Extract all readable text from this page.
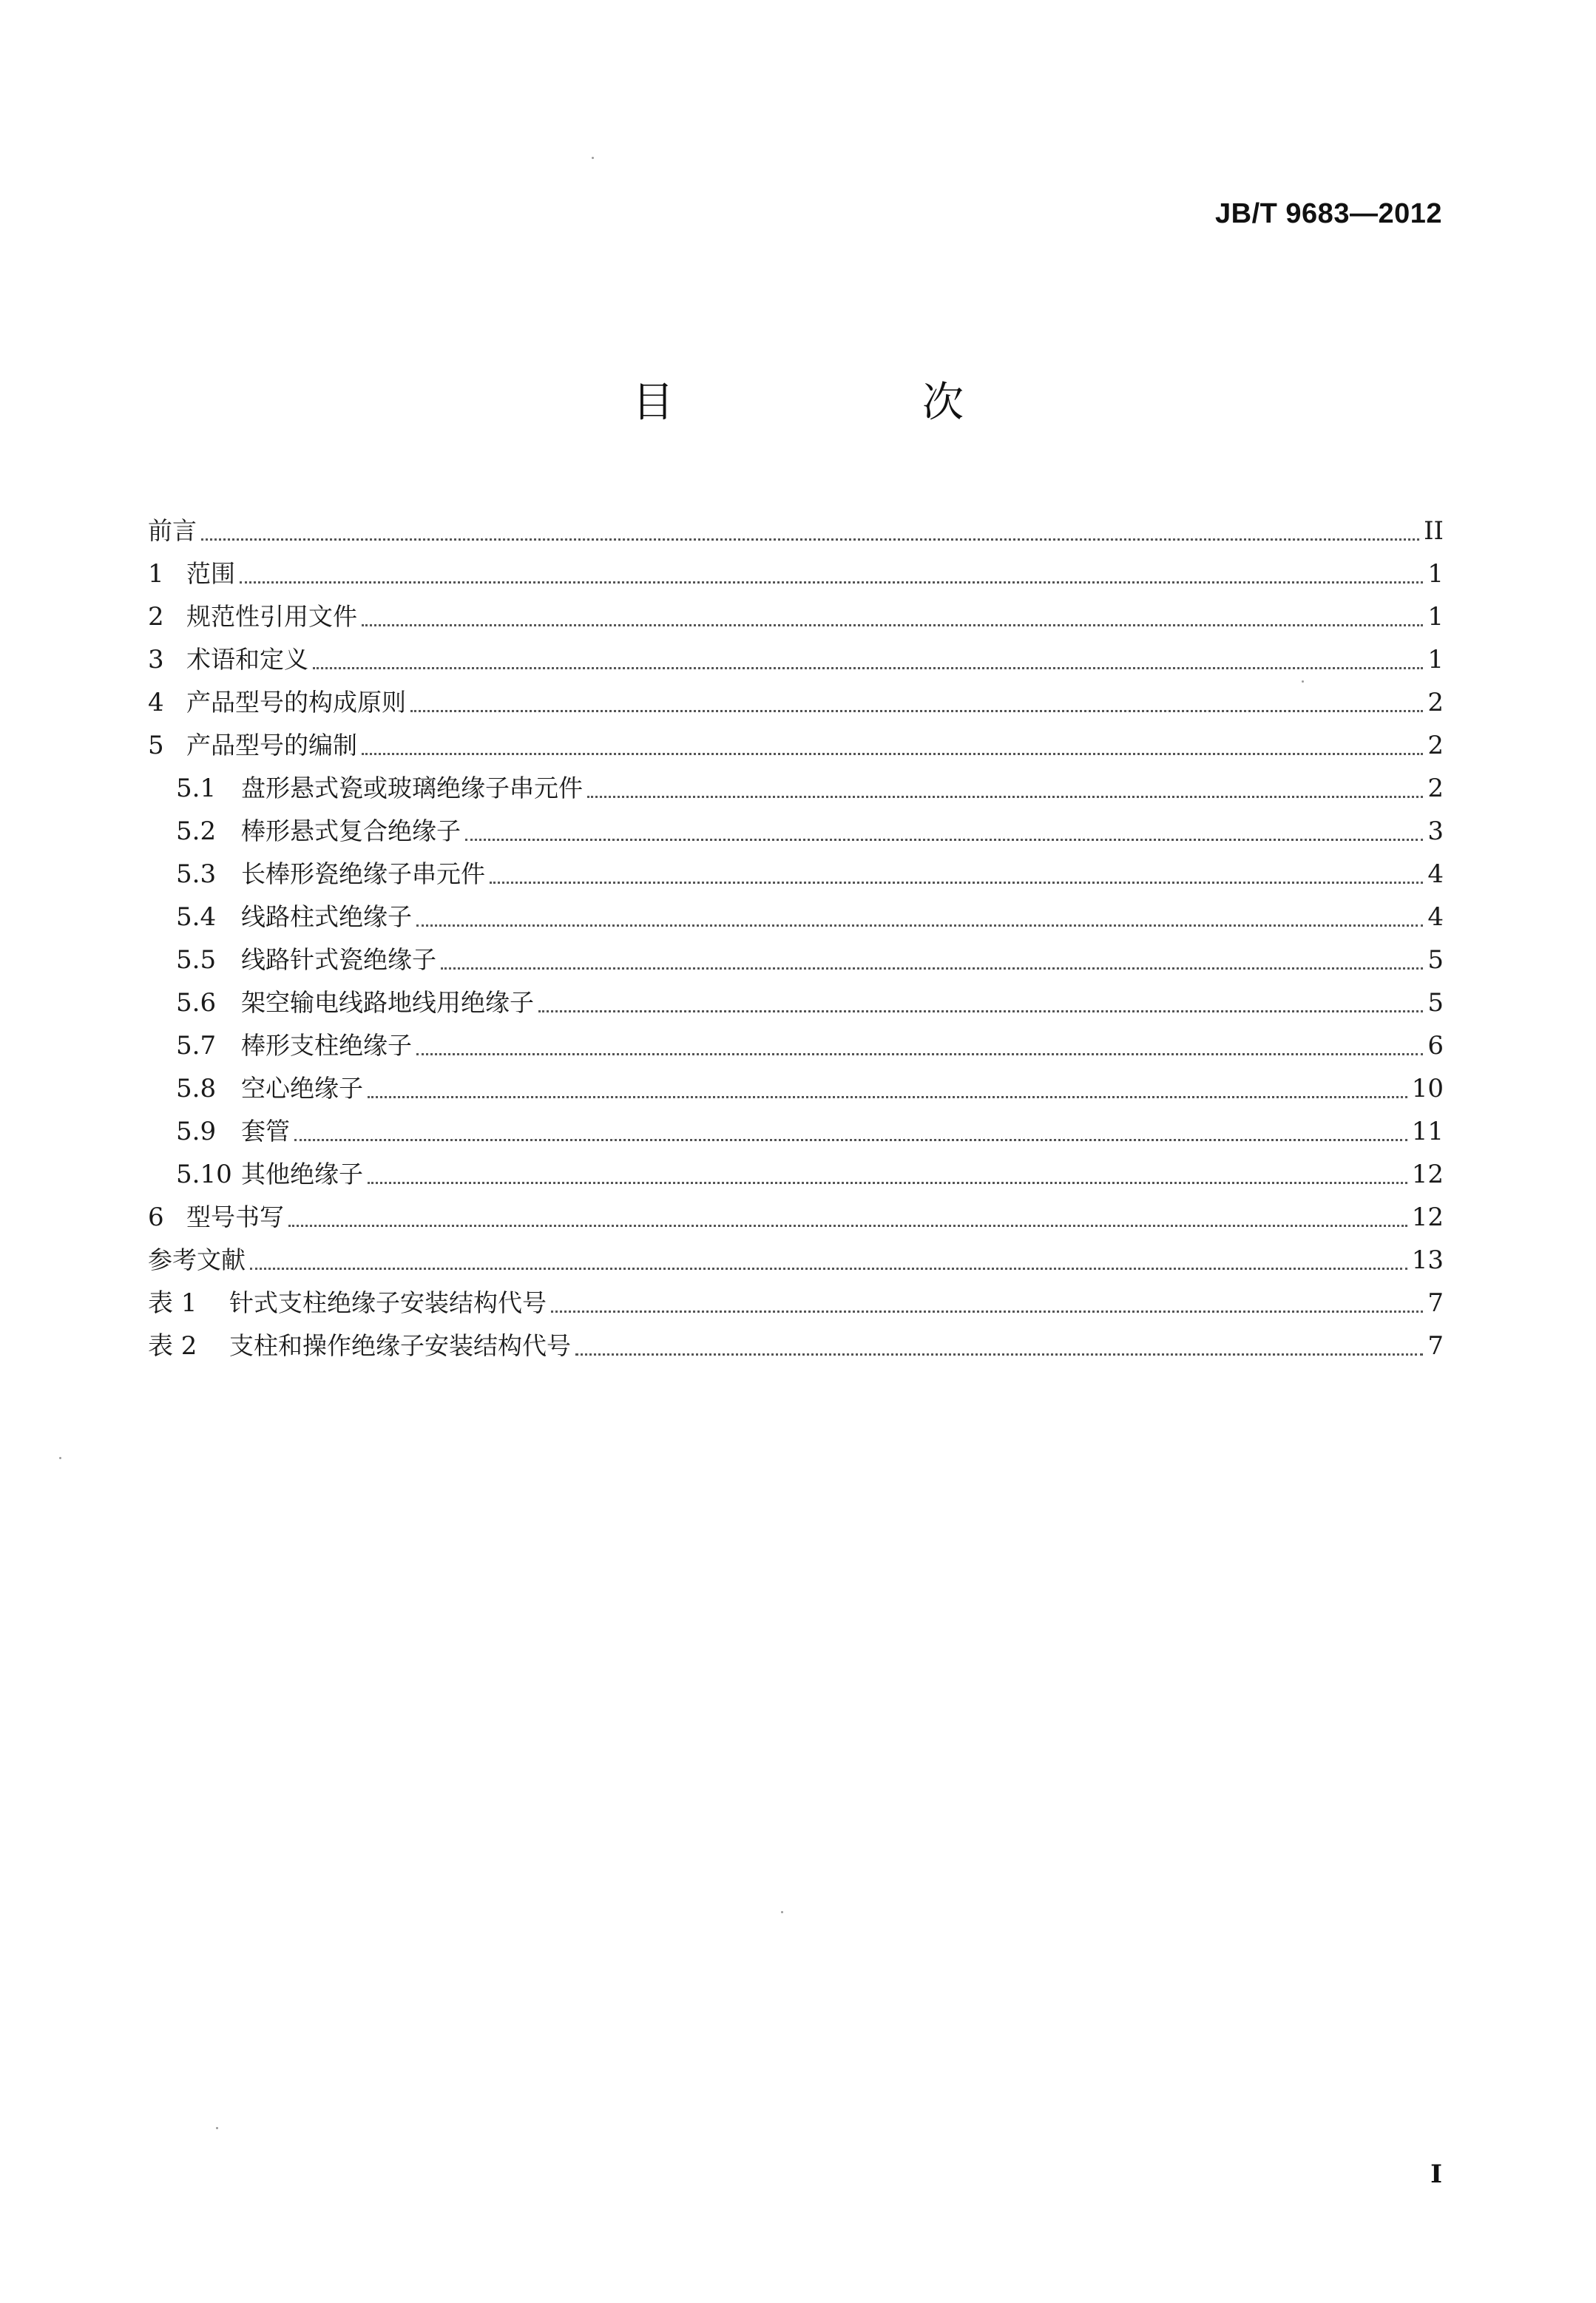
JB/T 9683—2012
目　次
前言	II
1 范围	1
2 规范性引用文件	1
3 术语和定义	1
4 产品型号的构成原则	2
5 产品型号的编制	2
5.1	盘形悬式瓷或玻璃绝缘子串元件	2
5.2	棒形悬式复合绝缘子	3
5.3	长棒形瓷绝缘子串元件	4
5.4	线路柱式绝缘子	4
5.5	线路针式瓷绝缘子	5
5.6	架空输电线路地线用绝缘子	5
5.7	棒形支柱绝缘子	6
5.8	空心绝缘子	10
5.9	套管	11
5.10 其他绝缘子	12
6 型号书写	12
参考文献	13
表 1	针式支柱绝缘子安装结构代号	7
表 2	支柱和操作绝缘子安装结构代号	7
I
